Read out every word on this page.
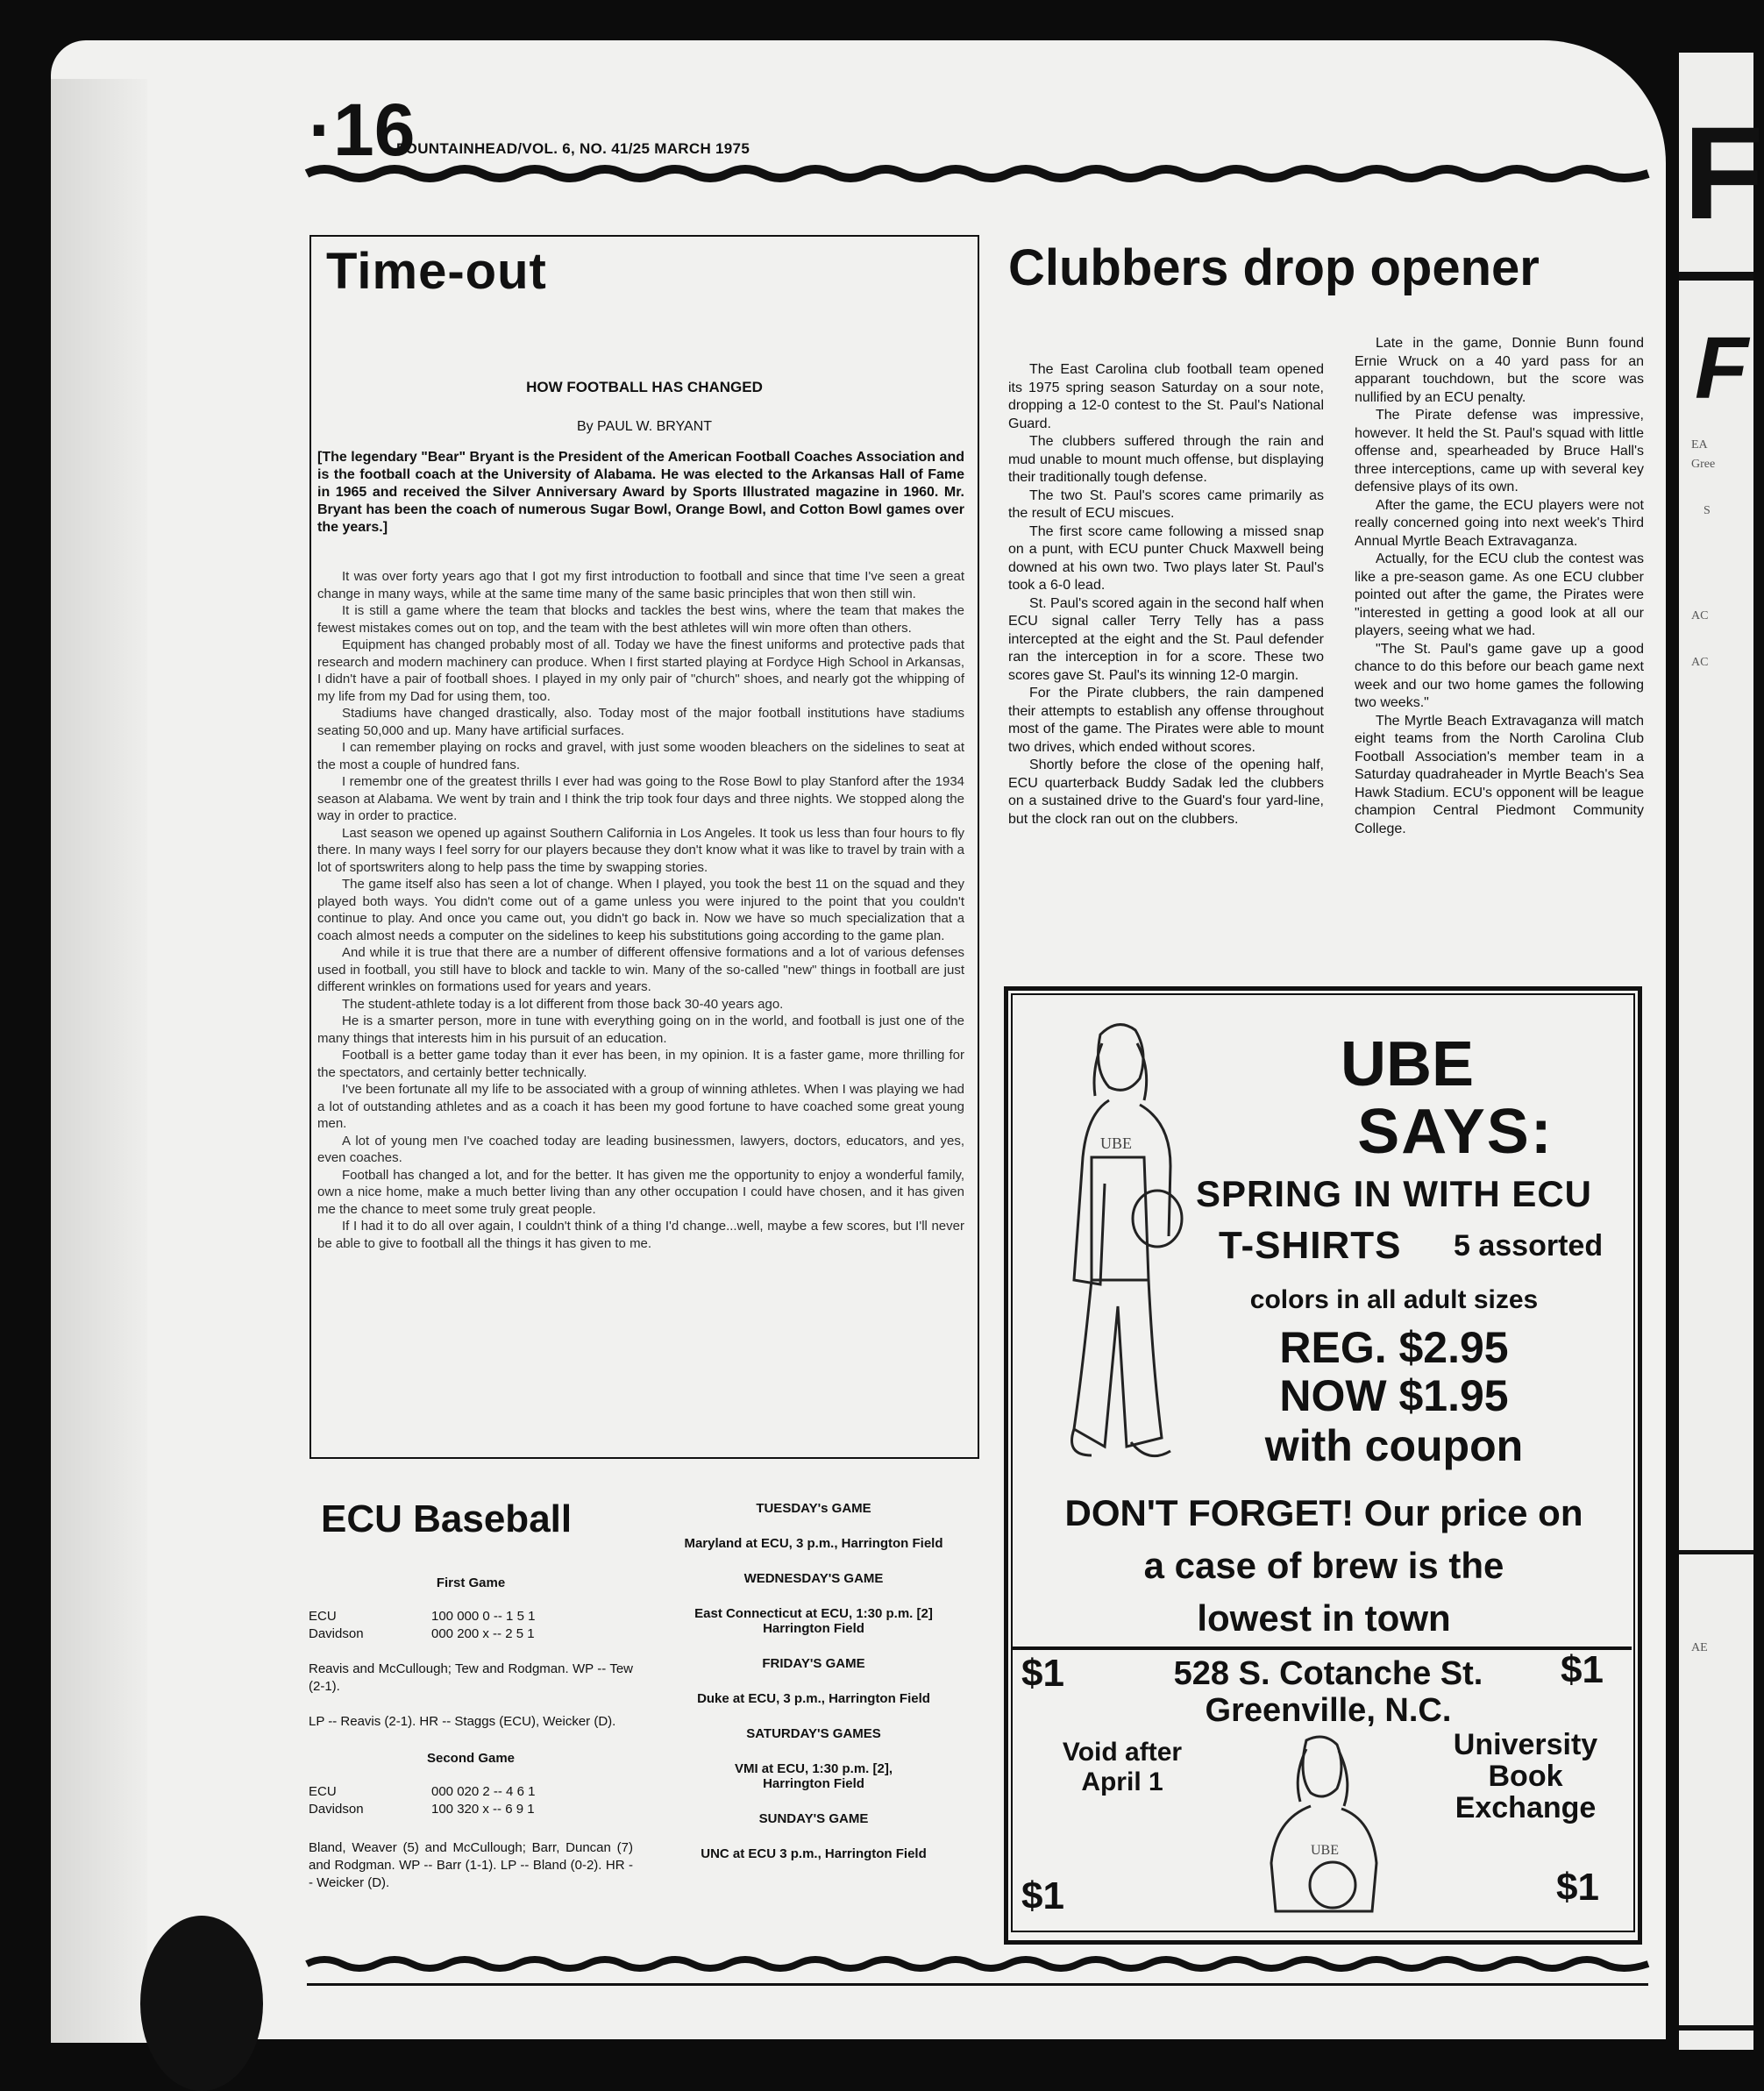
F
F
EA
Gree
S
AC
AC
AE
·16
FOUNTAINHEAD/VOL. 6, NO. 41/25 MARCH 1975
Time-out
HOW FOOTBALL HAS CHANGED
By PAUL W. BRYANT
[The legendary "Bear" Bryant is the President of the American Football Coaches Association and is the football coach at the University of Alabama. He was elected to the Arkansas Hall of Fame in 1965 and received the Silver Anniversary Award by Sports Illustrated magazine in 1960. Mr. Bryant has been the coach of numerous Sugar Bowl, Orange Bowl, and Cotton Bowl games over the years.]

It was over forty years ago that I got my first introduction to football and since that time I've seen a great change in many ways, while at the same time many of the same basic principles that won then still win.

It is still a game where the team that blocks and tackles the best wins, where the team that makes the fewest mistakes comes out on top, and the team with the best athletes will win more often than others.

Equipment has changed probably most of all. Today we have the finest uniforms and protective pads that research and modern machinery can produce. When I first started playing at Fordyce High School in Arkansas, I didn't have a pair of football shoes. I played in my only pair of "church" shoes, and nearly got the whipping of my life from my Dad for using them, too.

Stadiums have changed drastically, also. Today most of the major football institutions have stadiums seating 50,000 and up. Many have artificial surfaces.

I can remember playing on rocks and gravel, with just some wooden bleachers on the sidelines to seat at the most a couple of hundred fans.

I remembr one of the greatest thrills I ever had was going to the Rose Bowl to play Stanford after the 1934 season at Alabama. We went by train and I think the trip took four days and three nights. We stopped along the way in order to practice.

Last season we opened up against Southern California in Los Angeles. It took us less than four hours to fly there. In many ways I feel sorry for our players because they don't know what it was like to travel by train with a lot of sportswriters along to help pass the time by swapping stories.

The game itself also has seen a lot of change. When I played, you took the best 11 on the squad and they played both ways. You didn't come out of a game unless you were injured to the point that you couldn't continue to play. And once you came out, you didn't go back in. Now we have so much specialization that a coach almost needs a computer on the sidelines to keep his substitutions going according to the game plan.

And while it is true that there are a number of different offensive formations and a lot of various defenses used in football, you still have to block and tackle to win. Many of the so-called "new" things in football are just different wrinkles on formations used for years and years.

The student-athlete today is a lot different from those back 30-40 years ago.

He is a smarter person, more in tune with everything going on in the world, and football is just one of the many things that interests him in his pursuit of an education.

Football is a better game today than it ever has been, in my opinion. It is a faster game, more thrilling for the spectators, and certainly better technically.

I've been fortunate all my life to be associated with a group of winning athletes. When I was playing we had a lot of outstanding athletes and as a coach it has been my good fortune to have coached some great young men.

A lot of young men I've coached today are leading businessmen, lawyers, doctors, educators, and yes, even coaches.

Football has changed a lot, and for the better. It has given me the opportunity to enjoy a wonderful family, own a nice home, make a much better living than any other occupation I could have chosen, and it has given me the chance to meet some truly great people.

If I had it to do all over again, I couldn't think of a thing I'd change...well, maybe a few scores, but I'll never be able to give to football all the things it has given to me.

Clubbers drop opener

The East Carolina club football team opened its 1975 spring season Saturday on a sour note, dropping a 12-0 contest to the St. Paul's National Guard.

The clubbers suffered through the rain and mud unable to mount much offense, but displaying their traditionally tough defense.

The two St. Paul's scores came primarily as the result of ECU miscues.

The first score came following a missed snap on a punt, with ECU punter Chuck Maxwell being downed at his own two. Two plays later St. Paul's took a 6-0 lead.

St. Paul's scored again in the second half when ECU signal caller Terry Telly has a pass intercepted at the eight and the St. Paul defender ran the interception in for a score. These two scores gave St. Paul's its winning 12-0 margin.

For the Pirate clubbers, the rain dampened their attempts to establish any offense throughout most of the game. The Pirates were able to mount two drives, which ended without scores.

Shortly before the close of the opening half, ECU quarterback Buddy Sadak led the clubbers on a sustained drive to the Guard's four yard-line, but the clock ran out on the clubbers.

Late in the game, Donnie Bunn found Ernie Wruck on a 40 yard pass for an apparant touchdown, but the score was nullified by an ECU penalty.

The Pirate defense was impressive, however. It held the St. Paul's squad with little offense and, spearheaded by Bruce Hall's three interceptions, came up with several key defensive plays of its own.

After the game, the ECU players were not really concerned going into next week's Third Annual Myrtle Beach Extravaganza.

Actually, for the ECU club the contest was like a pre-season game. As one ECU clubber pointed out after the game, the Pirates were "interested in getting a good look at all our players, seeing what we had.

"The St. Paul's game gave up a good chance to do this before our beach game next week and our two home games the following two weeks."

The Myrtle Beach Extravaganza will match eight teams from the North Carolina Club Football Association's member team in a Saturday quadraheader in Myrtle Beach's Sea Hawk Stadium. ECU's opponent will be league champion Central Piedmont Community College.

ECU Baseball
First Game
ECU	100 000 0 -- 1 5 1
Davidson	000 200 x -- 2 5 1
Reavis and McCullough; Tew and Rodgman. WP -- Tew (2-1).
LP -- Reavis (2-1). HR -- Staggs (ECU), Weicker (D).
Second Game
ECU	000 020 2 -- 4 6 1
Davidson	100 320 x -- 6 9 1
Bland, Weaver (5) and McCullough; Barr, Duncan (7) and Rodgman. WP -- Barr (1-1). LP -- Bland (0-2). HR -- Weicker (D).
TUESDAY's GAME
Maryland at ECU, 3 p.m., Harrington Field
WEDNESDAY'S GAME
East Connecticut at ECU, 1:30 p.m. [2] Harrington Field
FRIDAY'S GAME
Duke at ECU, 3 p.m., Harrington Field
SATURDAY'S GAMES
VMI at ECU, 1:30 p.m. [2], Harrington Field
SUNDAY'S GAME
UNC at ECU 3 p.m., Harrington Field
UBE
UBE
SAYS:
SPRING IN WITH ECU
T-SHIRTS 5 assorted
colors in all adult sizes
REG. $2.95
NOW $1.95
with coupon
DON'T FORGET! Our price on
a case of brew is the
lowest in town
$1	$1
$1	$1
528 S. Cotanche St.
Greenville, N.C.
Void after April 1
University Book Exchange
UBE
